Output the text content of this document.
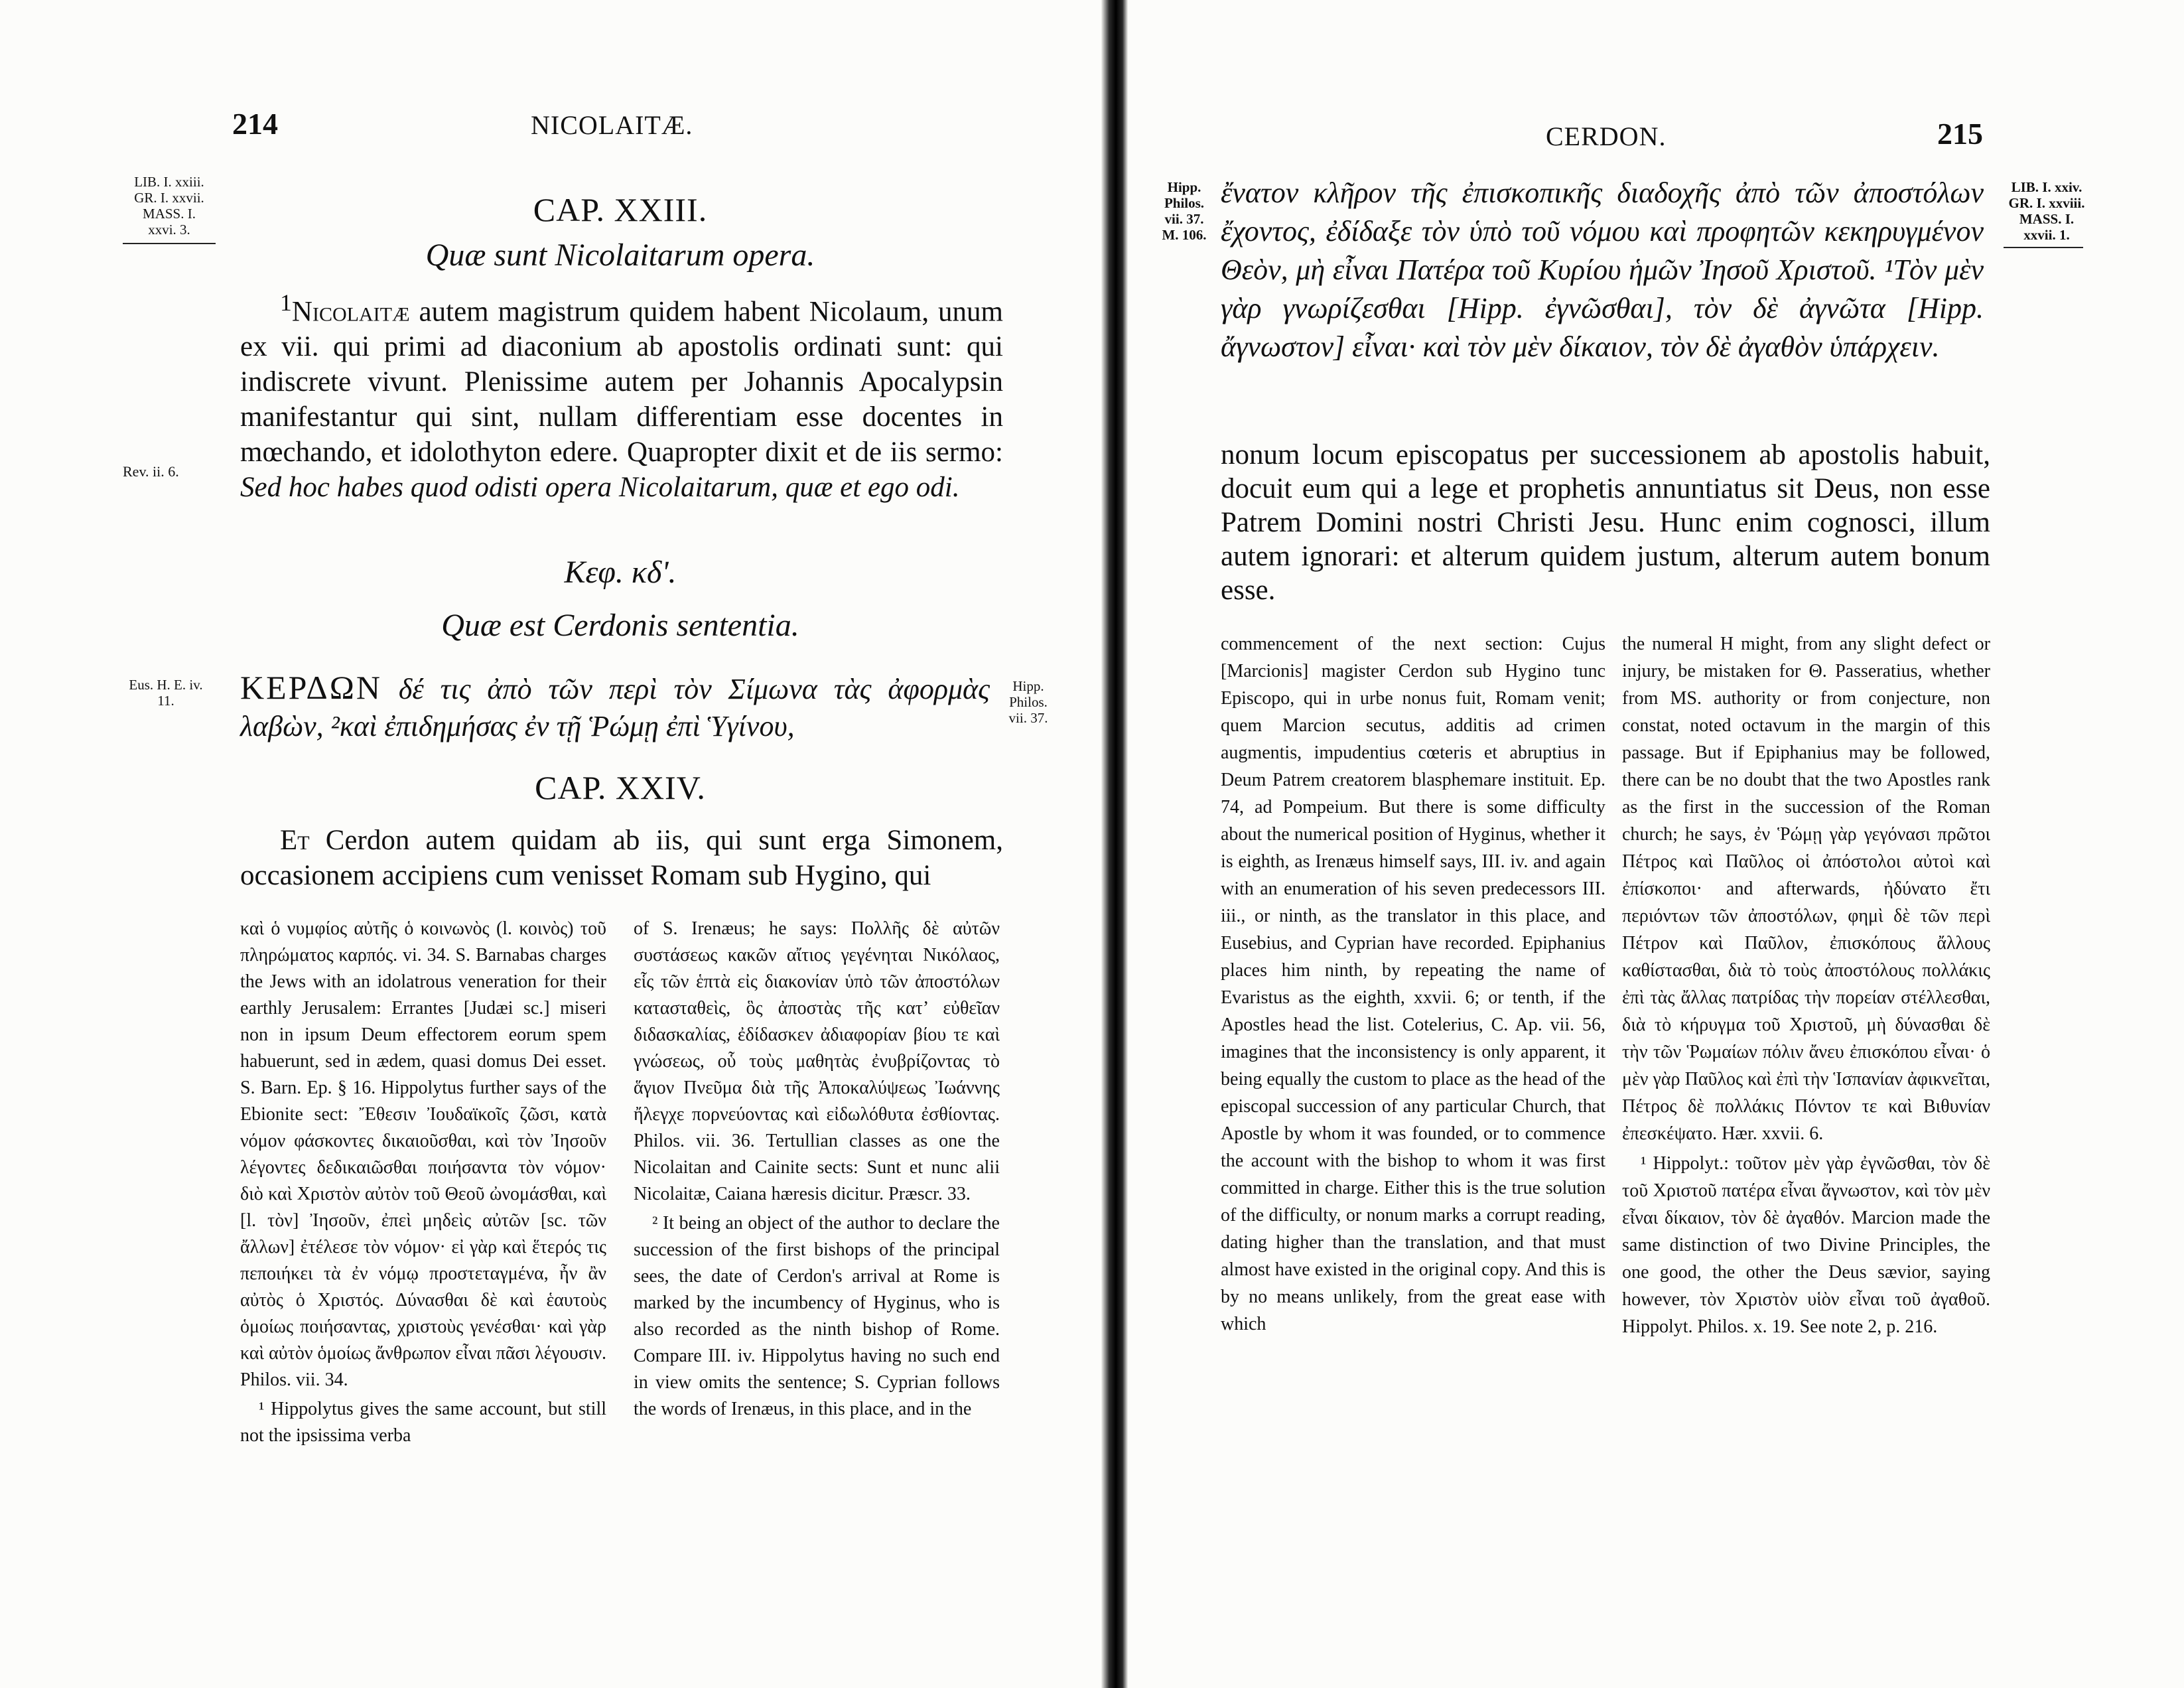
214	NICOLAITÆ.
LIB. I. xxiii.
GR. I. xxvii.
MASS. I.
xxvi. 3.
CAP. XXIII.
Quæ sunt Nicolaitarum opera.

$^1$Nicolaitæ autem magistrum quidem habent Nicolaum, unum ex vii. qui primi ad diaconium ab apostolis ordinati sunt: qui indiscrete vivunt. Plenissime autem per Johannis Apocalypsin manifestantur qui sint, nullam differentiam esse docentes in mœchando, et idolothyton edere. Quapropter dixit et de iis sermo: Sed hoc habes quod odisti opera Nicolaitarum, quæ et ego odi.

Rev. ii. 6.
Κεφ. κδʹ.
Quæ est Cerdonis sententia.
Eus. H. E. iv.
11.	ΚΕΡΔΩΝ δέ τις ἀπὸ τῶν περὶ τὸν Σίμωνα τὰς ἀφορμὰς λαβὼν, ²καὶ ἐπιδημήσας ἐν τῇ Ῥώμῃ ἐπὶ Ὑγίνου,

Hipp.
Philos.
vii. 37.
CAP. XXIV.

Et Cerdon autem quidam ab iis, qui sunt erga Simonem, occasionem accipiens cum venisset Romam sub Hygino, qui

καὶ ὁ νυμφίος αὐτῆς ὁ κοινωνὸς (l. κοινὸς) τοῦ πληρώματος καρπός. vi. 34. S. Barnabas charges the Jews with an idolatrous veneration for their earthly Jerusalem: Errantes [Judæi sc.] miseri non in ipsum Deum effectorem eorum spem habuerunt, sed in ædem, quasi domus Dei esset. S. Barn. Ep. § 16. Hippolytus further says of the Ebionite sect: Ἔθεσιν Ἰουδαϊκοῖς ζῶσι, κατὰ νόμον φάσκοντες δικαιοῦσθαι, καὶ τὸν Ἰησοῦν λέγοντες δεδικαιῶσθαι ποιήσαντα τὸν νόμον· διὸ καὶ Χριστὸν αὐτὸν τοῦ Θεοῦ ὠνομάσθαι, καὶ [l. τὸν] Ἰησοῦν, ἐπεὶ μηδεὶς αὐτῶν [sc. τῶν ἄλλων] ἐτέλεσε τὸν νόμον· εἰ γὰρ καὶ ἕτερός τις πεποιήκει τὰ ἐν νόμῳ προστεταγμένα, ἦν ἂν αὐτὸς ὁ Χριστός. Δύνασθαι δὲ καὶ ἑαυτοὺς ὁμοίως ποιήσαντας, χριστοὺς γενέσθαι· καὶ γὰρ καὶ αὐτὸν ὁμοίως ἄνθρωπον εἶναι πᾶσι λέγουσιν. Philos. vii. 34.

¹ Hippolytus gives the same account, but still not the ipsissima verba

of S. Irenæus; he says: Πολλῆς δὲ αὐτῶν συστάσεως κακῶν αἴτιος γεγένηται Νικόλαος, εἷς τῶν ἑπτὰ εἰς διακονίαν ὑπὸ τῶν ἀποστόλων κατασταθεὶς, ὃς ἀποστὰς τῆς κατ’ εὐθεῖαν διδασκαλίας, ἐδίδασκεν ἀδιαφορίαν βίου τε καὶ γνώσεως, οὗ τοὺς μαθητὰς ἐνυβρίζοντας τὸ ἅγιον Πνεῦμα διὰ τῆς Ἀποκαλύψεως Ἰωάννης ἤλεγχε πορνεύοντας καὶ εἰδωλόθυτα ἐσθίοντας. Philos. vii. 36. Tertullian classes as one the Nicolaitan and Cainite sects: Sunt et nunc alii Nicolaitæ, Caiana hæresis dicitur. Præscr. 33.

² It being an object of the author to declare the succession of the first bishops of the principal sees, the date of Cerdon's arrival at Rome is marked by the incumbency of Hyginus, who is also recorded as the ninth bishop of Rome. Compare III. iv. Hippolytus having no such end in view omits the sentence; S. Cyprian follows the words of Irenæus, in this place, and in the

CERDON.	215
Hipp.
Philos.
vii. 37.
M. 106.
LIB. I. xxiv.
GR. I. xxviii.
MASS. I.
xxvii. 1.

ἔνατον κλῆρον τῆς ἐπισκοπικῆς διαδοχῆς ἀπὸ τῶν ἀποστόλων ἔχοντος, ἐδίδαξε τὸν ὑπὸ τοῦ νόμου καὶ προφητῶν κεκηρυγμένον Θεὸν, μὴ εἶναι Πατέρα τοῦ Κυρίου ἡμῶν Ἰησοῦ Χριστοῦ. ¹Τὸν μὲν γὰρ γνωρίζεσθαι [Hipp. ἐγνῶσθαι], τὸν δὲ ἀγνῶτα [Hipp. ἄγνωστον] εἶναι· καὶ τὸν μὲν δίκαιον, τὸν δὲ ἀγαθὸν ὑπάρχειν.

nonum locum episcopatus per successionem ab apostolis habuit, docuit eum qui a lege et prophetis annuntiatus sit Deus, non esse Patrem Domini nostri Christi Jesu. Hunc enim cognosci, illum autem ignorari: et alterum quidem justum, alterum autem bonum esse.

commencement of the next section: Cujus [Marcionis] magister Cerdon sub Hygino tunc Episcopo, qui in urbe nonus fuit, Romam venit; quem Marcion secutus, additis ad crimen augmentis, impudentius cœteris et abruptius in Deum Patrem creatorem blasphemare instituit. Ep. 74, ad Pompeium. But there is some difficulty about the numerical position of Hyginus, whether it is eighth, as Irenæus himself says, III. iv. and again with an enumeration of his seven predecessors III. iii., or ninth, as the translator in this place, and Eusebius, and Cyprian have recorded. Epiphanius places him ninth, by repeating the name of Evaristus as the eighth, xxvii. 6; or tenth, if the Apostles head the list. Cotelerius, C. Ap. vii. 56, imagines that the inconsistency is only apparent, it being equally the custom to place as the head of the episcopal succession of any particular Church, that Apostle by whom it was founded, or to commence the account with the bishop to whom it was first committed in charge. Either this is the true solution of the difficulty, or nonum marks a corrupt reading, dating higher than the translation, and that must almost have existed in the original copy. And this is by no means unlikely, from the great ease with which

the numeral H might, from any slight defect or injury, be mistaken for Θ. Passeratius, whether from MS. authority or from conjecture, non constat, noted octavum in the margin of this passage. But if Epiphanius may be followed, there can be no doubt that the two Apostles rank as the first in the succession of the Roman church; he says, ἐν Ῥώμῃ γὰρ γεγόνασι πρῶτοι Πέτρος καὶ Παῦλος οἱ ἀπόστολοι αὐτοὶ καὶ ἐπίσκοποι· and afterwards, ἠδύνατο ἔτι περιόντων τῶν ἀποστόλων, φημὶ δὲ τῶν περὶ Πέτρον καὶ Παῦλον, ἐπισκόπους ἄλλους καθίστασθαι, διὰ τὸ τοὺς ἀποστόλους πολλάκις ἐπὶ τὰς ἄλλας πατρίδας τὴν πορείαν στέλλεσθαι, διὰ τὸ κήρυγμα τοῦ Χριστοῦ, μὴ δύνασθαι δὲ τὴν τῶν Ῥωμαίων πόλιν ἄνευ ἐπισκόπου εἶναι· ὁ μὲν γὰρ Παῦλος καὶ ἐπὶ τὴν Ἱσπανίαν ἀφικνεῖται, Πέτρος δὲ πολλάκις Πόντον τε καὶ Βιθυνίαν ἐπεσκέψατο. Hær. xxvii. 6.

¹ Hippolyt.: τοῦτον μὲν γὰρ ἐγνῶσθαι, τὸν δὲ τοῦ Χριστοῦ πατέρα εἶναι ἄγνωστον, καὶ τὸν μὲν εἶναι δίκαιον, τὸν δὲ ἀγαθόν. Marcion made the same distinction of two Divine Principles, the one good, the other the Deus sævior, saying however, τὸν Χριστὸν υἱὸν εἶναι τοῦ ἀγαθοῦ. Hippolyt. Philos. x. 19. See note 2, p. 216.
